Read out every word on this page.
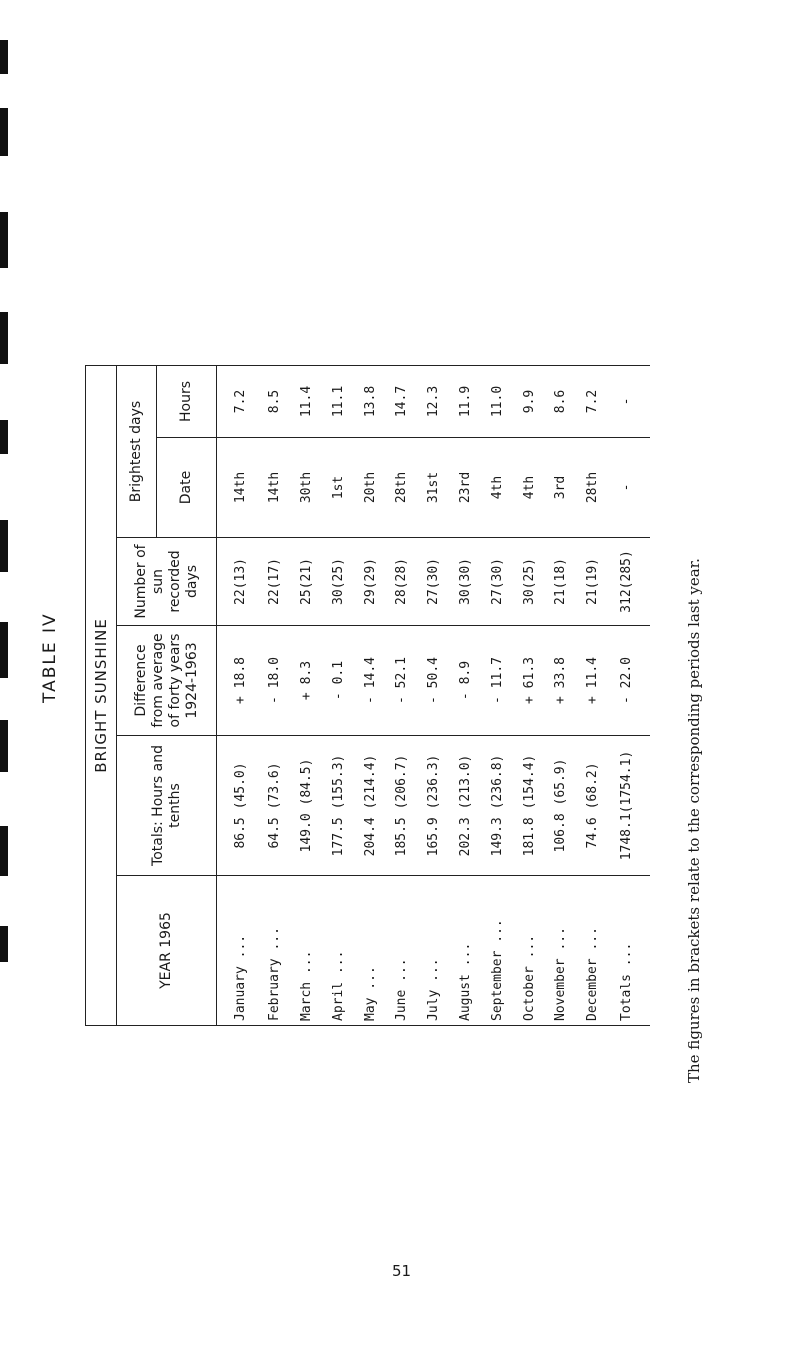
TABLE IV BRIGHT SUNSHINE					
YEAR 1965	Totals: Hours and tenths	Difference from average of forty years 1924-1963	Number of sun recorded days	Brightest days	
				Date	Hours
January ...	86.5 (45.0)	+ 18.8	22(13)	14th	7.2
February ...	64.5 (73.6)	- 18.0	22(17)	14th	8.5
March ...	149.0 (84.5)	+ 8.3	25(21)	30th	11.4
April ...	177.5 (155.3)	- 0.1	30(25)	1st	11.1
May ...	204.4 (214.4)	- 14.4	29(29)	20th	13.8
June ...	185.5 (206.7)	- 52.1	28(28)	28th	14.7
July ...	165.9 (236.3)	- 50.4	27(30)	31st	12.3
August ...	202.3 (213.0)	- 8.9	30(30)	23rd	11.9
September ...	149.3 (236.8)	- 11.7	27(30)	4th	11.0
October ...	181.8 (154.4)	+ 61.3	30(25)	4th	9.9
November ...	106.8 (65.9)	+ 33.8	21(18)	3rd	8.6
December ...	74.6 (68.2)	+ 11.4	21(19)	28th	7.2
Totals ...	1748.1(1754.1)	- 22.0	312(285)	-	-
The figures in brackets relate to the corresponding periods last year.
51
